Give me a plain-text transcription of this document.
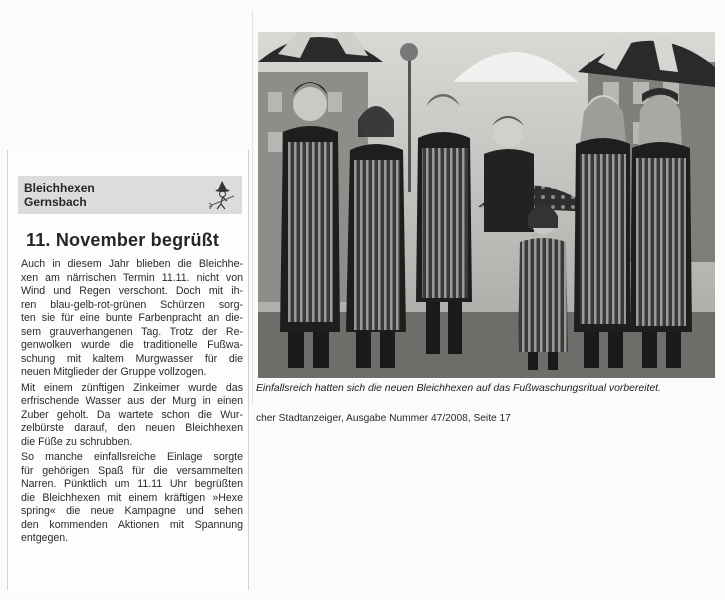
Bleichhexen
Gernsbach
11. November begrüßt
Auch in diesem Jahr blieben die Bleichhe-
xen am närrischen Termin 11.11. nicht von
Wind und Regen verschont. Doch mit ih-
ren blau-gelb-rot-grünen Schürzen sorg-
ten sie für eine bunte Farbenpracht an die-
sem grauverhangenen Tag. Trotz der Re-
genwolken wurde die traditionelle Fußwa-
schung mit kaltem Murgwasser für die
neuen Mitglieder der Gruppe vollzogen.
Mit einem zünftigen Zinkeimer wurde das
erfrischende Wasser aus der Murg in einen
Zuber geholt. Da wartete schon die Wur-
zelbürste darauf, den neuen Bleichhexen
die Füße zu schrubben.
So manche einfallsreiche Einlage sorgte
für gehörigen Spaß für die versammelten
Narren. Pünktlich um 11.11 Uhr begrüßten
die Bleichhexen mit einem kräftigen »Hexe
spring« die neue Kampagne und sehen
den kommenden Aktionen mit Spannung
entgegen.
Einfallsreich hatten sich die neuen Bleichhexen auf das Fußwaschungsritual vorbereitet.
cher Stadtanzeiger, Ausgabe Nummer 47/2008, Seite 17
